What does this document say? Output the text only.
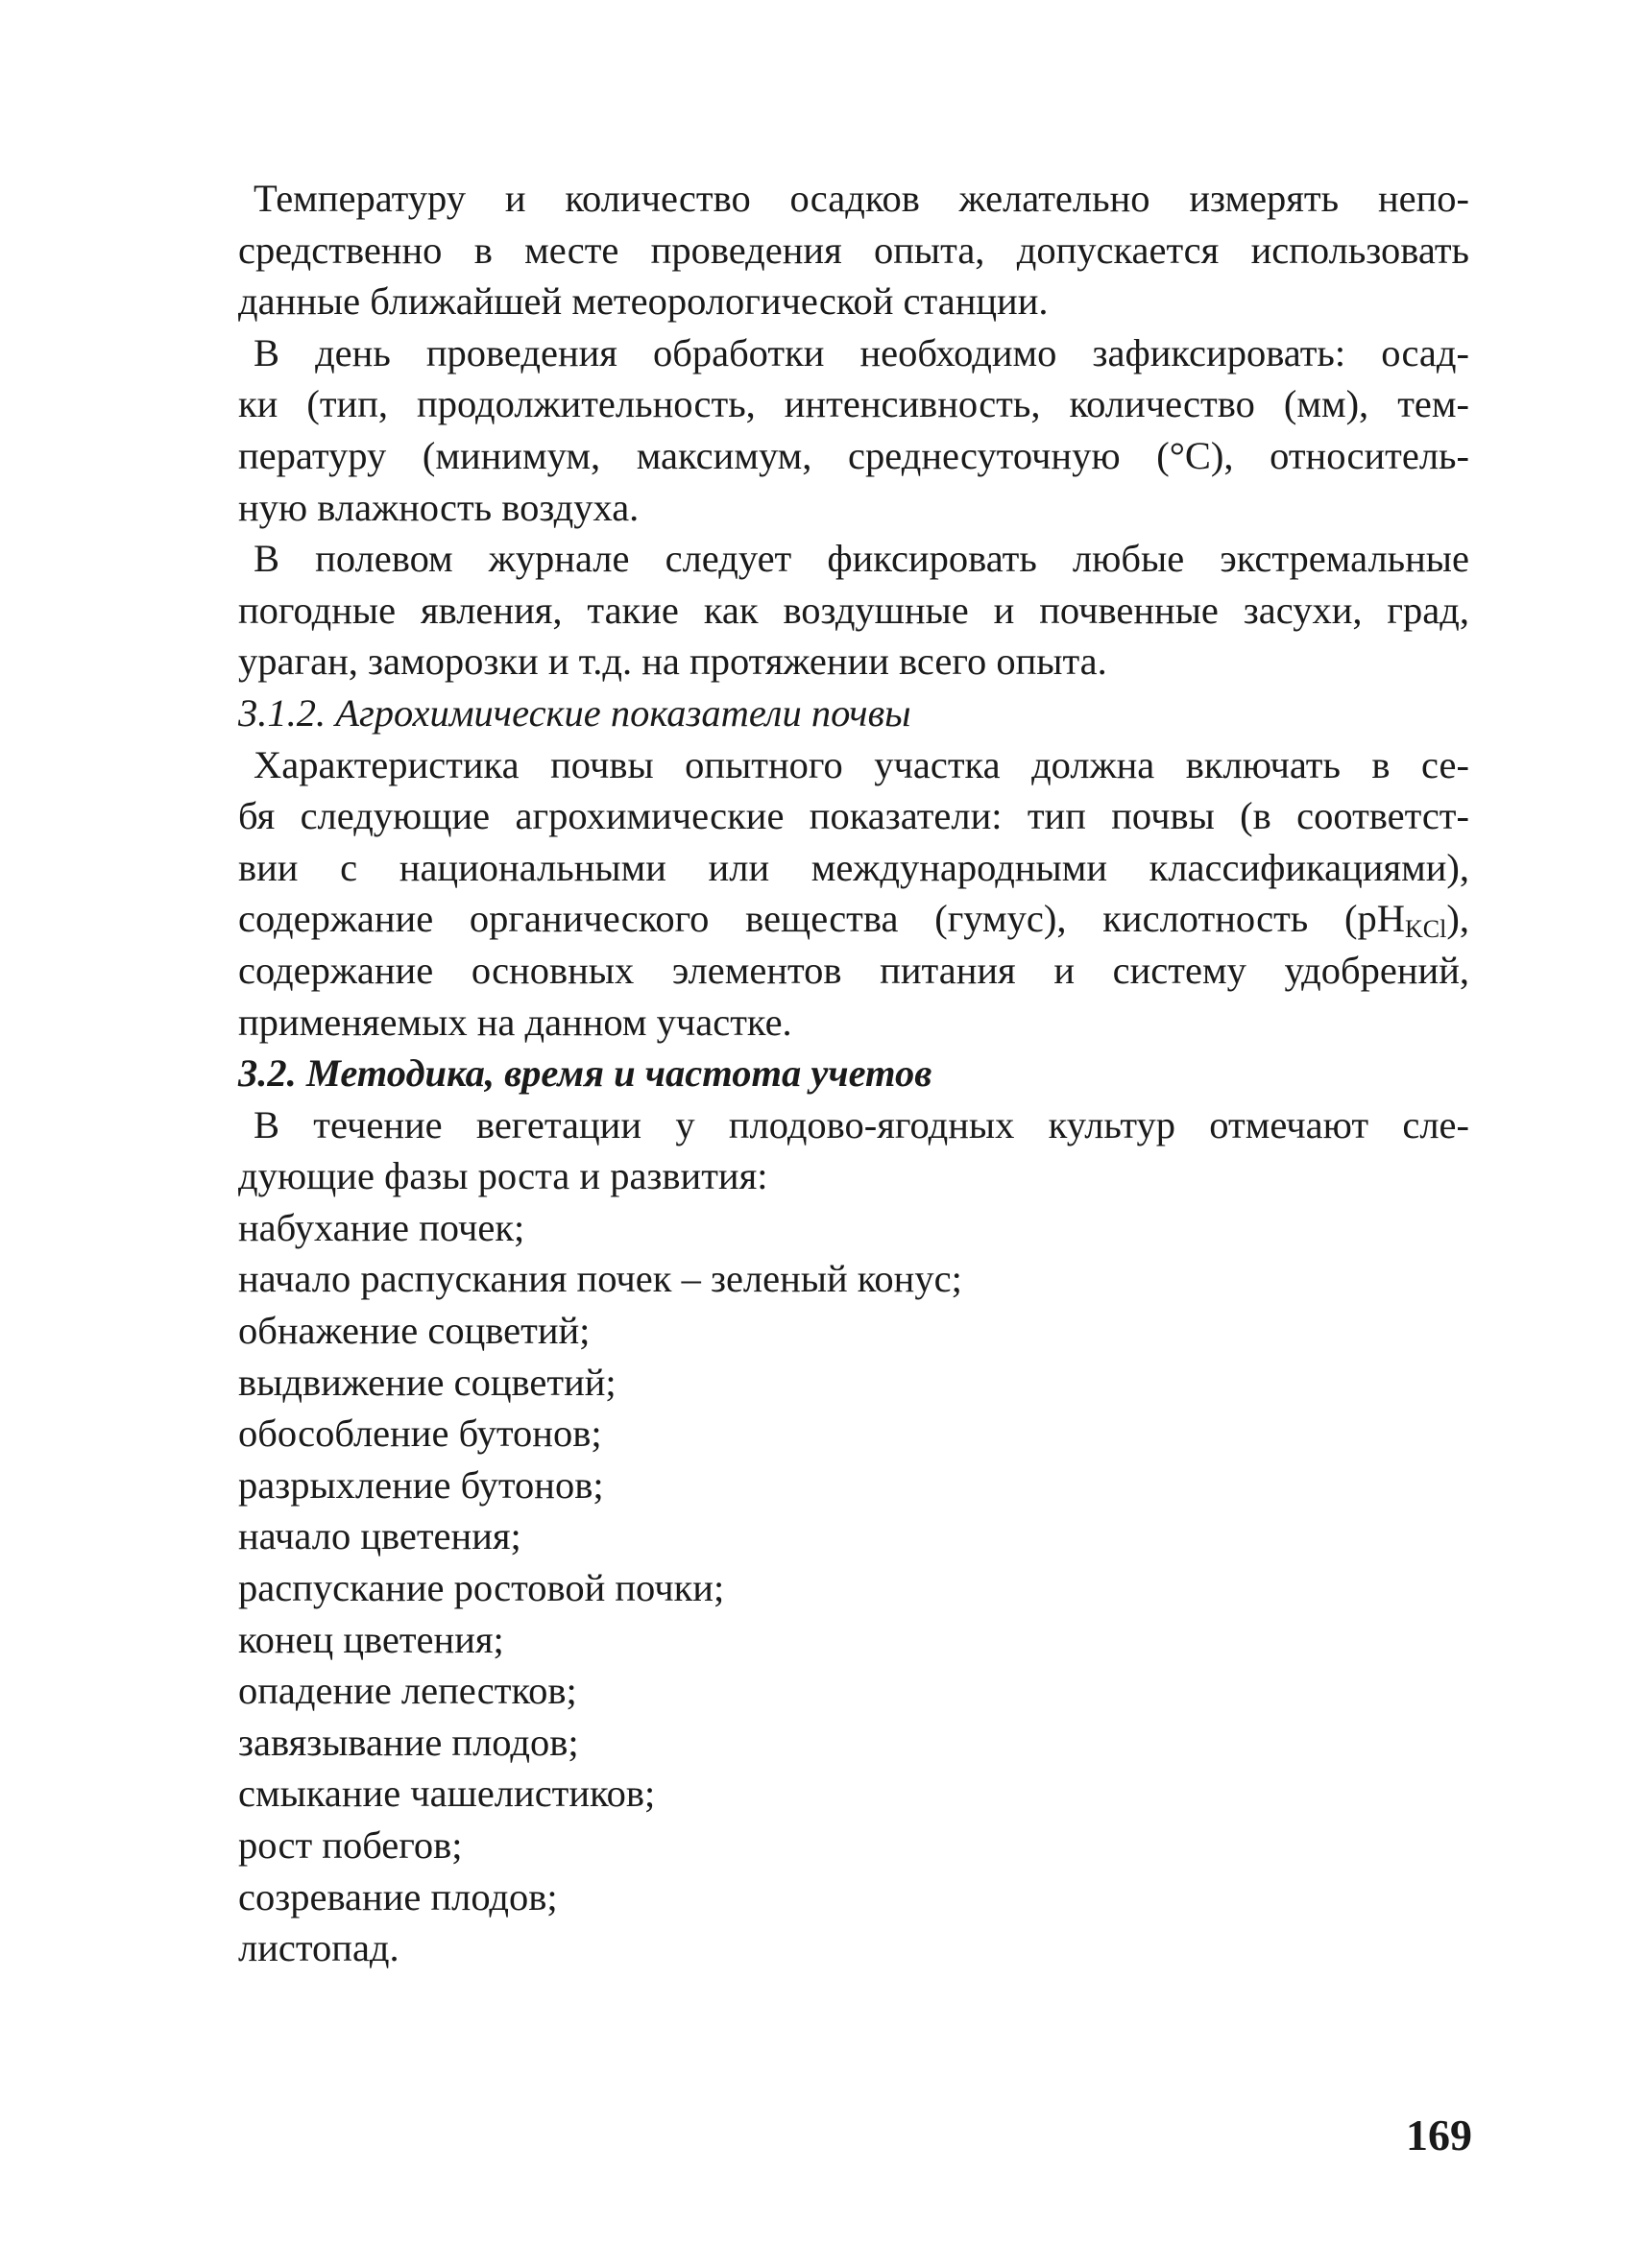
Температуру и количество осадков желательно измерять непо-
средственно в месте проведения опыта, допускается использовать
данные ближайшей метеорологической станции.
В день проведения обработки необходимо зафиксировать: осад-
ки (тип, продолжительность, интенсивность, количество (мм), тем-
пературу (минимум, максимум, среднесуточную (°С), относитель-
ную влажность воздуха.
В полевом журнале следует фиксировать любые экстремальные
погодные явления, такие как воздушные и почвенные засухи, град,
ураган, заморозки и т.д. на протяжении всего опыта.
3.1.2. Агрохимические показатели почвы
Характеристика почвы опытного участка должна включать в се-
бя следующие агрохимические показатели: тип почвы (в соответст-
вии с национальными или международными классификациями),
содержание органического вещества (гумус), кислотность $(pH_{KCl})$,
содержание основных элементов питания и систему удобрений,
применяемых на данном участке.
3.2. Методика, время и частота учетов
В течение вегетации у плодово-ягодных культур отмечают сле-
дующие фазы роста и развития:
набухание почек;
начало распускания почек – зеленый конус;
обнажение соцветий;
выдвижение соцветий;
обособление бутонов;
разрыхление бутонов;
начало цветения;
распускание ростовой почки;
конец цветения;
опадение лепестков;
завязывание плодов;
смыкание чашелистиков;
рост побегов;
созревание плодов;
листопад.
169
